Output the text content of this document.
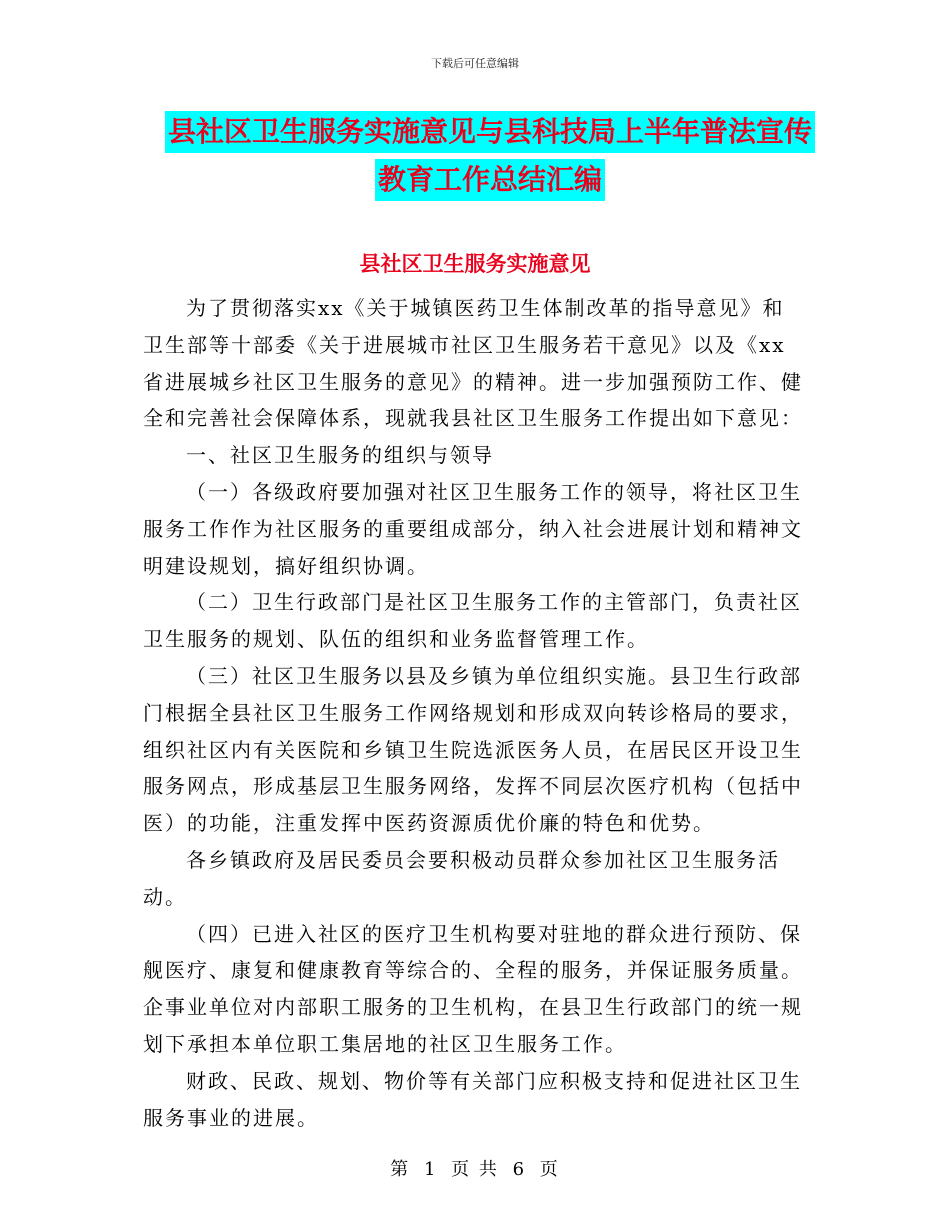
下载后可任意编辑
县社区卫生服务实施意见与县科技局上半年普法宣传
教育工作总结汇编
县社区卫生服务实施意见

为了贯彻落实xx《关于城镇医药卫生体制改革的指导意见》和卫生部等十部委《关于进展城市社区卫生服务若干意见》以及《xx省进展城乡社区卫生服务的意见》的精神。进一步加强预防工作、健全和完善社会保障体系，现就我县社区卫生服务工作提出如下意见：

一、社区卫生服务的组织与领导

（一）各级政府要加强对社区卫生服务工作的领导，将社区卫生服务工作作为社区服务的重要组成部分，纳入社会进展计划和精神文明建设规划，搞好组织协调。

（二）卫生行政部门是社区卫生服务工作的主管部门，负责社区卫生服务的规划、队伍的组织和业务监督管理工作。

（三）社区卫生服务以县及乡镇为单位组织实施。县卫生行政部门根据全县社区卫生服务工作网络规划和形成双向转诊格局的要求，组织社区内有关医院和乡镇卫生院选派医务人员，在居民区开设卫生服务网点，形成基层卫生服务网络，发挥不同层次医疗机构（包括中医）的功能，注重发挥中医药资源质优价廉的特色和优势。

各乡镇政府及居民委员会要积极动员群众参加社区卫生服务活动。

（四）已进入社区的医疗卫生机构要对驻地的群众进行预防、保舰医疗、康复和健康教育等综合的、全程的服务，并保证服务质量。企事业单位对内部职工服务的卫生机构，在县卫生行政部门的统一规划下承担本单位职工集居地的社区卫生服务工作。

财政、民政、规划、物价等有关部门应积极支持和促进社区卫生服务事业的进展。

第 1 页 共 6 页
